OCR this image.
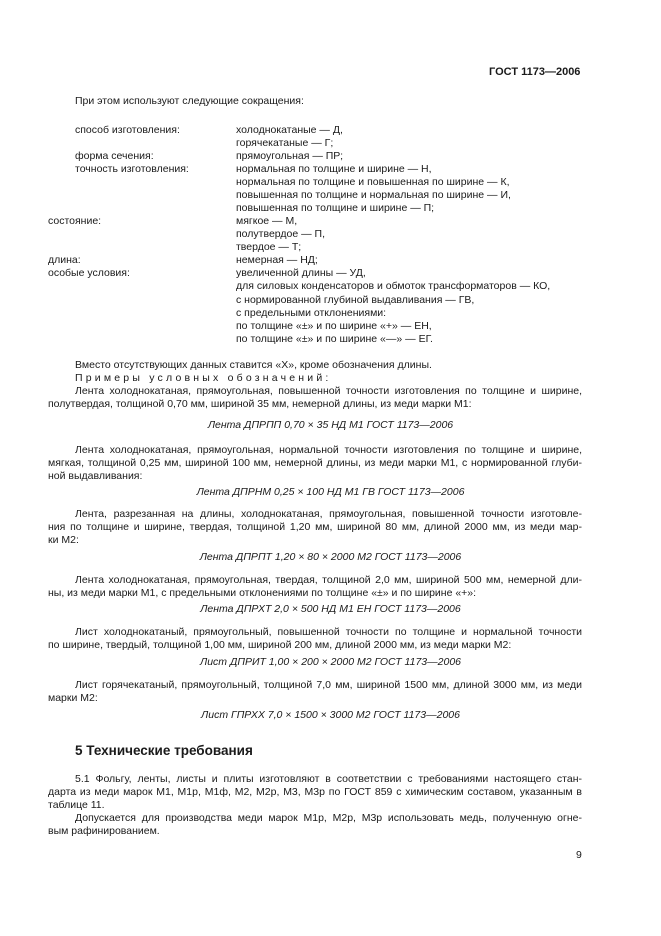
ГОСТ 1173—2006
При этом используют следующие сокращения:
способ изготовления:	холоднокатаные — Д,
горячекатаные — Г;
форма сечения:	прямоугольная — ПР;
точность изготовления:	нормальная по толщине и ширине — Н,
нормальная по толщине и повышенная по ширине — К,
повышенная по толщине и нормальная по ширине — И,
повышенная по толщине и ширине — П;
состояние:	мягкое — М,
полутвердое — П,
твердое — Т;
длина:	немерная — НД;
особые условия:	увеличенной длины — УД,
для силовых конденсаторов и обмоток трансформаторов — КО,
с нормированной глубиной выдавливания — ГВ,
с предельными отклонениями:
по толщине «±» и по ширине «+» — ЕН,
по толщине «±» и по ширине «—» — ЕГ.
Вместо отсутствующих данных ставится «Х», кроме обозначения длины.
Примеры условных обозначений:
Лента холоднокатаная, прямоугольная, повышенной точности изготовления по толщине и ширине,
полутвердая, толщиной 0,70 мм, шириной 35 мм, немерной длины, из меди марки М1:
Лента ДПРПП 0,70 × 35 НД М1 ГОСТ 1173—2006
Лента холоднокатаная, прямоугольная, нормальной точности изготовления по толщине и ширине,
мягкая, толщиной 0,25 мм, шириной 100 мм, немерной длины, из меди марки М1, с нормированной глуби-
ной выдавливания:
Лента ДПРНМ 0,25 × 100 НД М1 ГВ ГОСТ 1173—2006
Лента, разрезанная на длины, холоднокатаная, прямоугольная, повышенной точности изготовле-
ния по толщине и ширине, твердая, толщиной 1,20 мм, шириной 80 мм, длиной 2000 мм, из меди мар-
ки М2:
Лента ДПРПТ 1,20 × 80 × 2000 М2 ГОСТ 1173—2006
Лента холоднокатаная, прямоугольная, твердая, толщиной 2,0 мм, шириной 500 мм, немерной дли-
ны, из меди марки М1, с предельными отклонениями по толщине «±» и по ширине «+»:
Лента ДПРХТ 2,0 × 500 НД М1 ЕН ГОСТ 1173—2006
Лист холоднокатаный, прямоугольный, повышенной точности по толщине и нормальной точности
по ширине, твердый, толщиной 1,00 мм, шириной 200 мм, длиной 2000 мм, из меди марки М2:
Лист ДПРИТ 1,00 × 200 × 2000 М2 ГОСТ 1173—2006
Лист горячекатаный, прямоугольный, толщиной 7,0 мм, шириной 1500 мм, длиной 3000 мм, из меди
марки М2:
Лист ГПРХХ 7,0 × 1500 × 3000 М2 ГОСТ 1173—2006
5 Технические требования
5.1 Фольгу, ленты, листы и плиты изготовляют в соответствии с требованиями настоящего стан-
дарта из меди марок М1, М1р, М1ф, М2, М2р, М3, М3р по ГОСТ 859 с химическим составом, указанным в
таблице 11.
Допускается для производства меди марок М1р, М2р, М3р использовать медь, полученную огне-
вым рафинированием.
9
